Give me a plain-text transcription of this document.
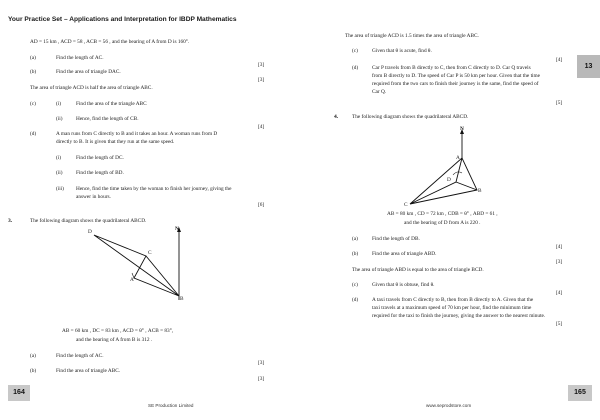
Your Practice Set – Applications and Interpretation for IBDP Mathematics
13
AD = 15 km , ACD = 58 , ACB = 56 , and the bearing of A from D is 160°.
(a)	Find the length of AC.
[3]
(b)	Find the area of triangle DAC.
[3]
The area of triangle ACD is half the area of triangle ABC.
(c)	(i)	Find the area of the triangle ABC
(ii)	Hence, find the length of CB.
[4]
(d)	A man runs from C directly to B and it takes an hour. A woman runs from D
directly to B. It is given that they run at the same speed.
(i)	Find the length of DC.
(ii)	Find the length of BD.
(iii) Hence, find the time taken by the woman to finish her journey, giving the
answer in hours.
[6]
3.	The following diagram shows the quadrilateral ABCD.
N
D
C
A
B
AB = 60 km , DC = 83 km , ACD = θ° , ACB = 83°,
and the bearing of A from B is 312 .
(a)	Find the length of AC.
[3]
(b)	Find the area of triangle ABC.
[3]
164
SE Production Limited
The area of triangle ACD is 1.5 times the area of triangle ABC.
(c)	Given that θ is acute, find θ.
[4]
(d)	Car P travels from B directly to C, then from C directly to D. Car Q travels
from B directly to D. The speed of Car P is 50 km per hour. Given that the time
required from the two cars to finish their journey is the same, find the speed of
Car Q.
[5]
4.	The following diagram shows the quadrilateral ABCD.
N
A
D
B
C
AB = 80 km , CD = 72 km , CDB = θ° , ABD = 61 ,
and the bearing of D from A is 220 .
(a)	Find the length of DB.
[4]
(b)	Find the area of triangle ABD.
[3]
The area of triangle ABD is equal to the area of triangle BCD.
(c)	Given that θ is obtuse, find θ.
[4]
(d)	A taxi travels from C directly to B, then from B directly to A. Given that the
taxi travels at a maximum speed of 70 km per hour, find the minimum time
required for the taxi to finish the journey, giving the answer to the nearest minute.
[5]
165
www.seprodstore.com
